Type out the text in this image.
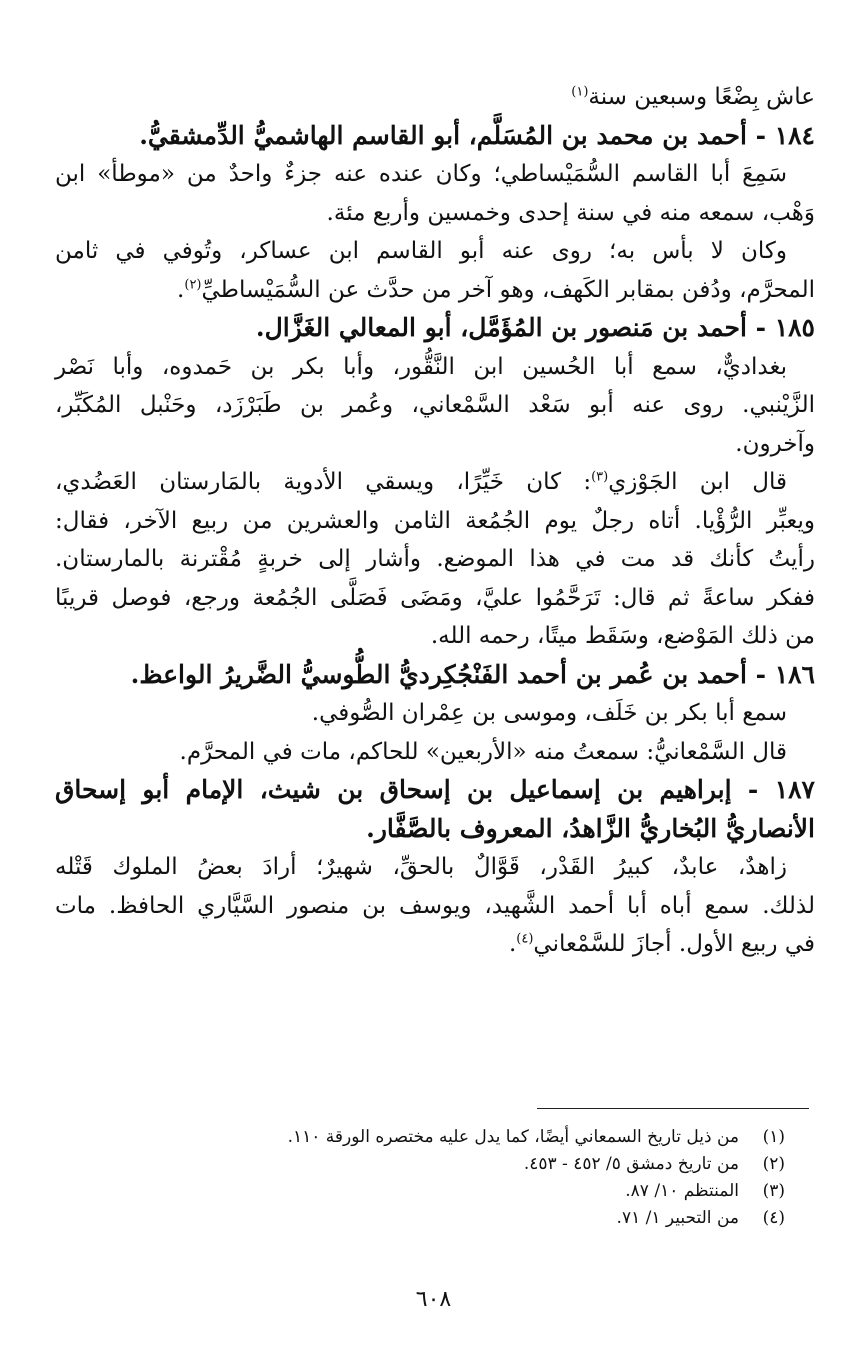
عاش بِضْعًا وسبعين سنة$^{(١)}$
١٨٤ - أحمد بن محمد بن المُسَلَّم، أبو القاسم الهاشميُّ الدِّمشقيُّ.
سَمِعَ أبا القاسم السُّمَيْساطي؛ وكان عنده عنه جزءٌ واحدٌ من «موطأ» ابن
وَهْب، سمعه منه في سنة إحدى وخمسين وأربع مئة.
وكان لا بأس به؛ روى عنه أبو القاسم ابن عساكر، وتُوفي في ثامن
المحرَّم، ودُفن بمقابر الكَهف، وهو آخر من حدَّث عن السُّمَيْساطيِّ$^{(٢)}$.
١٨٥ - أحمد بن مَنصور بن المُؤَمَّل، أبو المعالي الغَزَّال.
بغداديٌّ، سمع أبا الحُسين ابن النَّقُّور، وأبا بكر بن حَمدوه، وأبا نَصْر
الزَّيْنبي. روى عنه أبو سَعْد السَّمْعاني، وعُمر بن طَبَرْزَد، وحَنْبل المُكَبِّر،
وآخرون.
قال ابن الجَوْزي$^{(٣)}$: كان خَيِّرًا، ويسقي الأدوية بالمَارستان العَضُدي،
ويعبِّر الرُّؤْيا. أتاه رجلٌ يوم الجُمُعة الثامن والعشرين من ربيع الآخر، فقال:
رأيتُ كأنك قد مت في هذا الموضع. وأشار إلى خربةٍ مُقْترنة بالمارستان.
ففكر ساعةً ثم قال: تَرَحَّمُوا عليَّ، ومَضَى فَصَلَّى الجُمُعة ورجع، فوصل قريبًا
من ذلك المَوْضع، وسَقَط ميتًا، رحمه الله.
١٨٦ - أحمد بن عُمر بن أحمد الفَنْجُكِرديُّ الطُّوسيُّ الضَّريرُ الواعظ.
سمع أبا بكر بن خَلَف، وموسى بن عِمْران الصُّوفي.
قال السَّمْعانيُّ: سمعتُ منه «الأربعين» للحاكم، مات في المحرَّم.
١٨٧ - إبراهيم بن إسماعيل بن إسحاق بن شيث، الإمام أبو إسحاق
الأنصاريُّ البُخاريُّ الزَّاهدُ، المعروف بالصَّفَّار.
زاهدٌ، عابدٌ، كبيرُ القَدْر، قَوَّالٌ بالحقِّ، شهيرٌ؛ أرادَ بعضُ الملوك قَتْله
لذلك. سمع أباه أبا أحمد الشَّهيد، ويوسف بن منصور السَّيَّاري الحافظ. مات
في ربيع الأول. أجازَ للسَّمْعاني$^{(٤)}$.
(١)من ذيل تاريخ السمعاني أيضًا، كما يدل عليه مختصره الورقة ١١٠.
(٢)من تاريخ دمشق ٥/ ٤٥٢ - ٤٥٣.
(٣)المنتظم ١٠/ ٨٧.
(٤)من التحبير ١/ ٧١.
٦٠٨
